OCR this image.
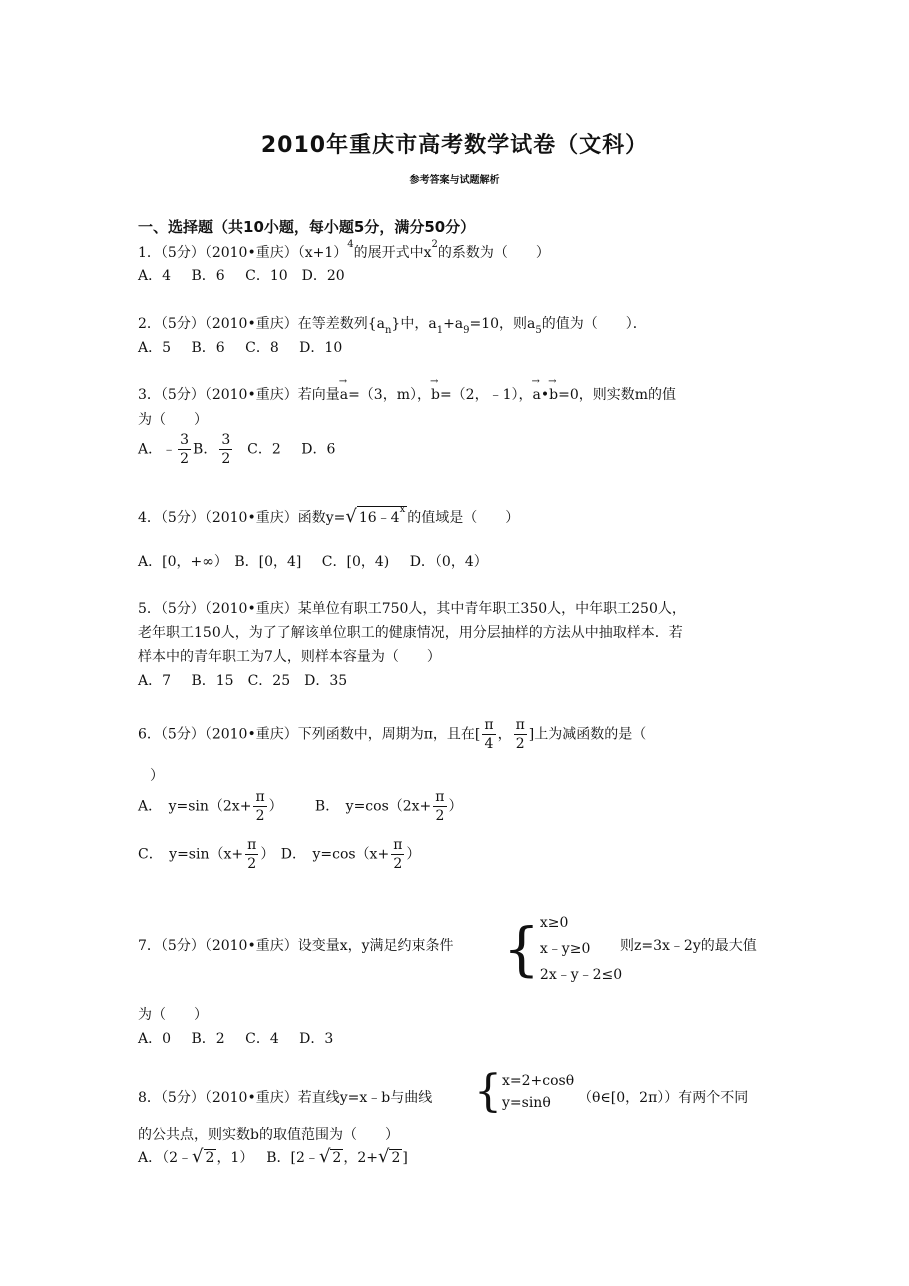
2010年重庆市高考数学试卷（文科）
参考答案与试题解析
一、选择题（共10小题，每小题5分，满分50分）
1．（5分）（2010•重庆）$(x+1)^4$的展开式中$x^2$的系数为（　　）
A．4　 B．6　 C．10　D．20
2．（5分）（2010•重庆）在等差数列$\{a_n\}$中，$a_1+a_9=10$，则$a_5$的值为（　　）．
A．5　 B．6　 C．8　 D．10
3．（5分）（2010•重庆）若向量→ a=（3，m），→ b=（2，﹣1），→ a•→ b=0，则实数m的值
为（　　）
A．﹣ $\frac{3}{2}$ B． $\frac{3}{2}$ C．2　 D．6
4．（5分）（2010•重庆）函数y=√ 16﹣4$^x$的值域是（　　）
A．[0，+∞） B．[0，4]　 C．[0，4)　 D．（0，4）
5．（5分）（2010•重庆）某单位有职工750人，其中青年职工350人，中年职工250人，
老年职工150人，为了了解该单位职工的健康情况，用分层抽样的方法从中抽取样本．若
样本中的青年职工为7人，则样本容量为（　　）
A．7　 B．15　C．25　D．35
6．（5分）（2010•重庆）下列函数中，周期为π，且在[ $\frac{\pi}{4}$ ， $\frac{\pi}{2}$ ]上为减函数的是（
）
A． $y=\sin(2x+ \frac{\pi}{2}$ ） B． $y=\cos(2x+ \frac{\pi}{2}$ ）
C． $y=\sin(x+ \frac{\pi}{2}$ ） D． $y=\cos(x+ \frac{\pi}{2}$ ）
7．（5分）（2010•重庆）设变量x，y满足约束条件 { x≥0
x﹣y≥0
2x﹣y﹣2≤0
则z=3x﹣2y的最大值
为（　　）
A．0　 B．2　 C．4　 D．3
8．（5分）（2010•重庆）若直线y=x﹣b与曲线 { x=2+cosθ
y=sinθ	（θ∈[0，2π））有两个不同
的公共点，则实数b的取值范围为（　　）
A．（2﹣√ 2 ，1） B．[2﹣√ 2 ，2+√ 2 ]
